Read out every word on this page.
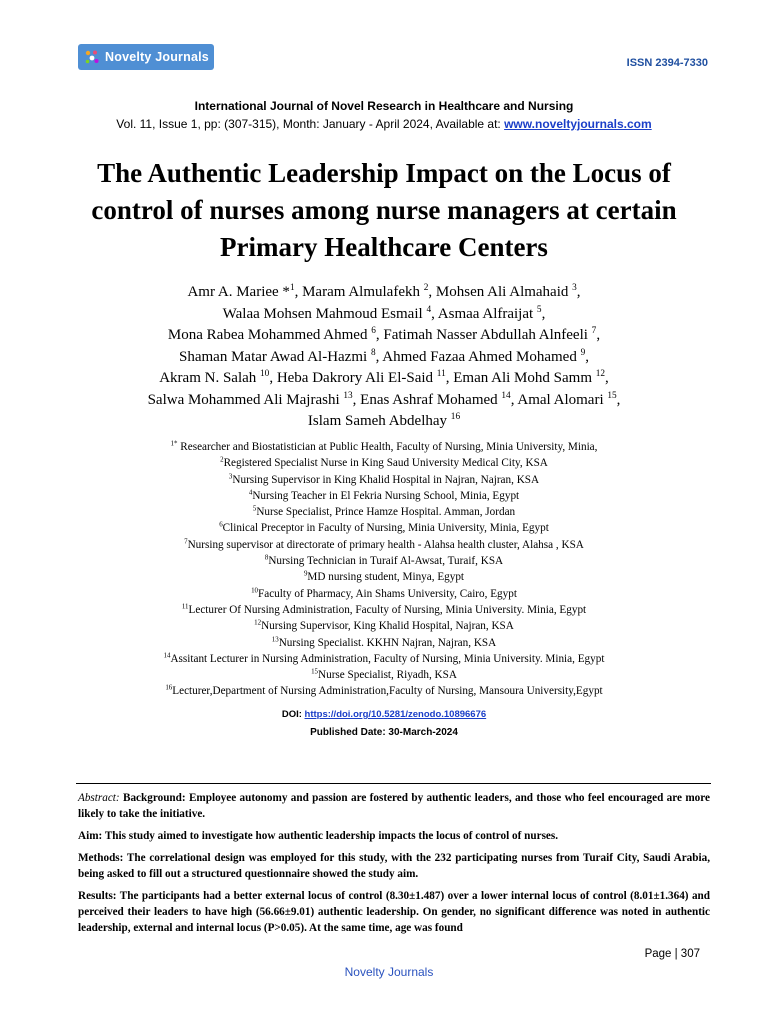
Novelty Journals	ISSN 2394-7330
International Journal of Novel Research in Healthcare and Nursing
Vol. 11, Issue 1, pp: (307-315), Month: January - April 2024, Available at: www.noveltyjournals.com
The Authentic Leadership Impact on the Locus of control of nurses among nurse managers at certain Primary Healthcare Centers
Amr A. Mariee *$^1$, Maram Almulafekh $^2$, Mohsen Ali Almahaid $^3$,
Walaa Mohsen Mahmoud Esmail $^4$, Asmaa Alfraijat $^5$,
Mona Rabea Mohammed Ahmed $^6$, Fatimah Nasser Abdullah Alnfeeli $^7$,
Shaman Matar Awad Al-Hazmi $^8$, Ahmed Fazaa Ahmed Mohamed $^9$,
Akram N. Salah $^{10}$, Heba Dakrory Ali El-Said $^{11}$, Eman Ali Mohd Samm $^{12}$,
Salwa Mohammed Ali Majrashi $^{13}$, Enas Ashraf Mohamed $^{14}$, Amal Alomari $^{15}$,
Islam Sameh Abdelhay $^{16}$
$^{1*}$ Researcher and Biostatistician at Public Health, Faculty of Nursing, Minia University, Minia,
$^2$Registered Specialist Nurse in King Saud University Medical City, KSA
$^3$Nursing Supervisor in King Khalid Hospital in Najran, Najran, KSA
$^4$Nursing Teacher in El Fekria Nursing School, Minia, Egypt
$^5$Nurse Specialist, Prince Hamze Hospital. Amman, Jordan
$^6$Clinical Preceptor in Faculty of Nursing, Minia University, Minia, Egypt
$^7$Nursing supervisor at directorate of primary health - Alahsa health cluster, Alahsa , KSA
$^8$Nursing Technician in Turaif Al-Awsat, Turaif, KSA
$^9$MD nursing student, Minya, Egypt
$^{10}$Faculty of Pharmacy, Ain Shams University, Cairo, Egypt
$^{11}$Lecturer Of Nursing Administration, Faculty of Nursing, Minia University. Minia, Egypt
$^{12}$Nursing Supervisor, King Khalid Hospital, Najran, KSA
$^{13}$Nursing Specialist. KKHN Najran, Najran, KSA
$^{14}$Assitant Lecturer in Nursing Administration, Faculty of Nursing, Minia University. Minia, Egypt
$^{15}$Nurse Specialist, Riyadh, KSA
$^{16}$Lecturer,Department of Nursing Administration,Faculty of Nursing, Mansoura University,Egypt
DOI: https://doi.org/10.5281/zenodo.10896676
Published Date: 30-March-2024

Abstract: Background: Employee autonomy and passion are fostered by authentic leaders, and those who feel encouraged are more likely to take the initiative.

Aim: This study aimed to investigate how authentic leadership impacts the locus of control of nurses.

Methods: The correlational design was employed for this study, with the 232 participating nurses from Turaif City, Saudi Arabia, being asked to fill out a structured questionnaire showed the study aim.

Results: The participants had a better external locus of control (8.30±1.487) over a lower internal locus of control (8.01±1.364) and perceived their leaders to have high (56.66±9.01) authentic leadership. On gender, no significant difference was noted in authentic leadership, external and internal locus (P>0.05). At the same time, age was found

Page | 307
Novelty Journals
